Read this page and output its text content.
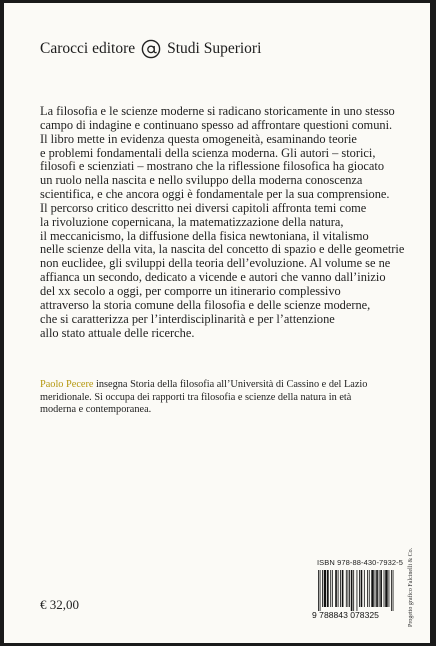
Carocci editore Studi Superiori

La filosofia e le scienze moderne si radicano storicamente in uno stesso

campo di indagine e continuano spesso ad affrontare questioni comuni.

Il libro mette in evidenza questa omogeneità, esaminando teorie

e problemi fondamentali della scienza moderna. Gli autori – storici,

filosofi e scienziati – mostrano che la riflessione filosofica ha giocato

un ruolo nella nascita e nello sviluppo della moderna conoscenza

scientifica, e che ancora oggi è fondamentale per la sua comprensione.

Il percorso critico descritto nei diversi capitoli affronta temi come

la rivoluzione copernicana, la matematizzazione della natura,

il meccanicismo, la diffusione della fisica newtoniana, il vitalismo

nelle scienze della vita, la nascita del concetto di spazio e delle geometrie

non euclidee, gli sviluppi della teoria dell’evoluzione. Al volume se ne

affianca un secondo, dedicato a vicende e autori che vanno dall’inizio

del xx secolo a oggi, per comporre un itinerario complessivo

attraverso la storia comune della filosofia e delle scienze moderne,

che si caratterizza per l’interdisciplinarità e per l’attenzione

allo stato attuale delle ricerche.

Paolo Pecere insegna Storia della filosofia all’Università di Cassino e del Lazio

meridionale. Si occupa dei rapporti tra filosofia e scienze della natura in età

moderna e contemporanea.

ISBN 978-88-430-7932-5
9 788843 078325
€ 32,00	Progetto grafico Falcinelli & Co.
